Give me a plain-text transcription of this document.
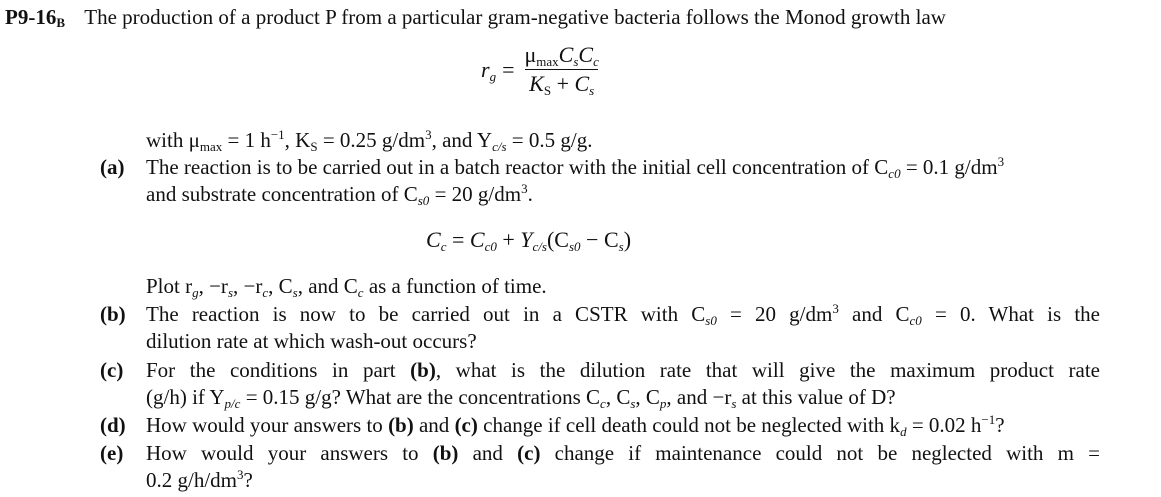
$P9-16_B$ The production of a product P from a particular gram-negative bacteria follows the Monod growth law
$r_g = \frac{\mu_{max}C_sC_c}{K_S + C_s}$
with $\mu_{max} = 1$ $h^{-1}$, $K_S = 0.25$ $g/dm^3$, and $Y_{c/s} = 0.5$ g/g.
(a) The reaction is to be carried out in a batch reactor with the initial cell concentration of $C_{c0} = 0.1$ $g/dm^3$
and substrate concentration of $C_{s0} = 20$ $g/dm^3$.
$C_c = C_{c0} + Y_{c/s}(C_{s0} - C_s)$
Plot $r_g$, $-r_s$, $-r_c$, $C_s$, and $C_c$ as a function of time.
(b) The reaction is now to be carried out in a CSTR with $C_{s0} = 20$ $g/dm^3$ and $C_{c0} = 0$. What is the
dilution rate at which wash-out occurs?
(c) For the conditions in part (b), what is the dilution rate that will give the maximum product rate
(g/h) if $Y_{p/c} = 0.15$ g/g? What are the concentrations $C_c$, $C_s$, $C_p$, and $-r_s$ at this value of D?
(d) How would your answers to (b) and (c) change if cell death could not be neglected with $k_d = 0.02$ $h^{-1}$?
(e) How would your answers to (b) and (c) change if maintenance could not be neglected with m =
0.2 $g/h/dm^3$?
